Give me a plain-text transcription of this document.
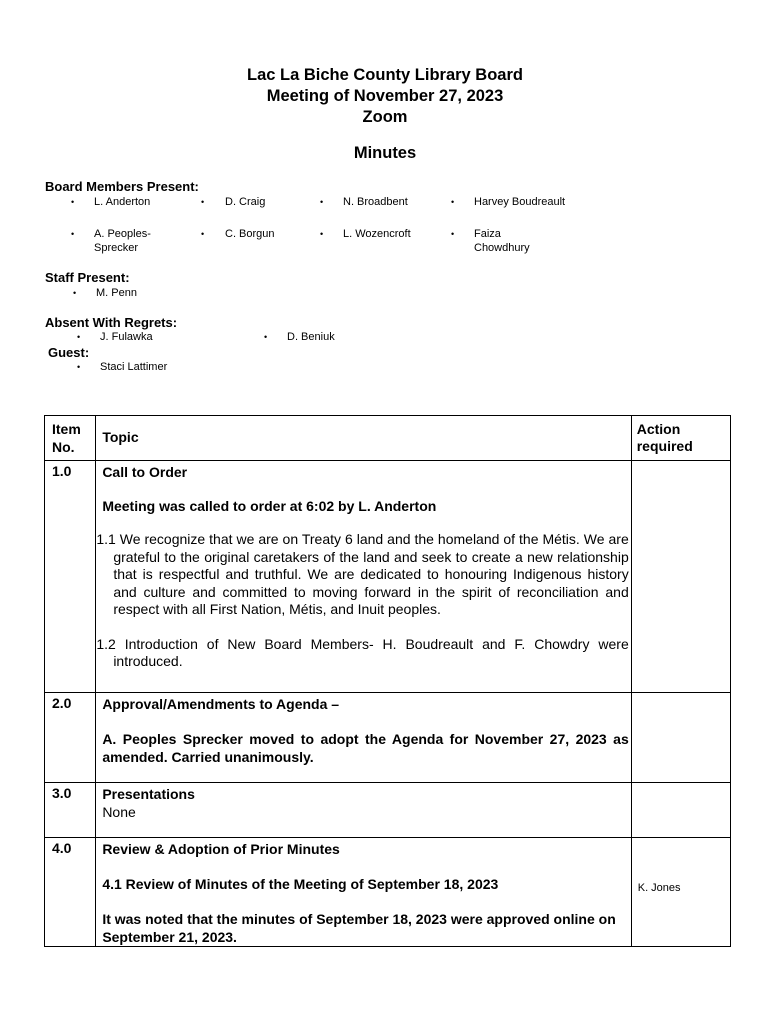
Lac La Biche County Library Board
Meeting of November 27, 2023
Zoom
Minutes
Board Members Present:
• L. Anderton	• D. Craig	• N. Broadbent	• Harvey Boudreault
• A. Peoples-
Sprecker
• C. Borgun	• L. Wozencroft	• Faiza
Chowdhury
Staff Present:
• M. Penn
Absent With Regrets:
• J. Fulawka	• D. Beniuk
Guest:
• Staci Lattimer
Item
No.	Topic	Action
required

1.0	Call to Order

Meeting was called to order at 6:02 by L. Anderton

1.1 We recognize that we are on Treaty 6 land and the homeland of the Métis. We are grateful to the original caretakers of the land and seek to create a new relationship that is respectful and truthful. We are dedicated to honouring Indigenous history and culture and committed to moving forward in the spirit of reconciliation and respect with all First Nation, Métis, and Inuit peoples.

1.2 Introduction of New Board Members- H. Boudreault and F. Chowdry were introduced.	

2.0	Approval/Amendments to Agenda –

A. Peoples Sprecker moved to adopt the Agenda for November 27, 2023 as amended. Carried unanimously.	

3.0	Presentations

None	

4.0	Review & Adoption of Prior Minutes

4.1 Review of Minutes of the Meeting of September 18, 2023

It was noted that the minutes of September 18, 2023 were approved online on September 21, 2023.	K. Jones
